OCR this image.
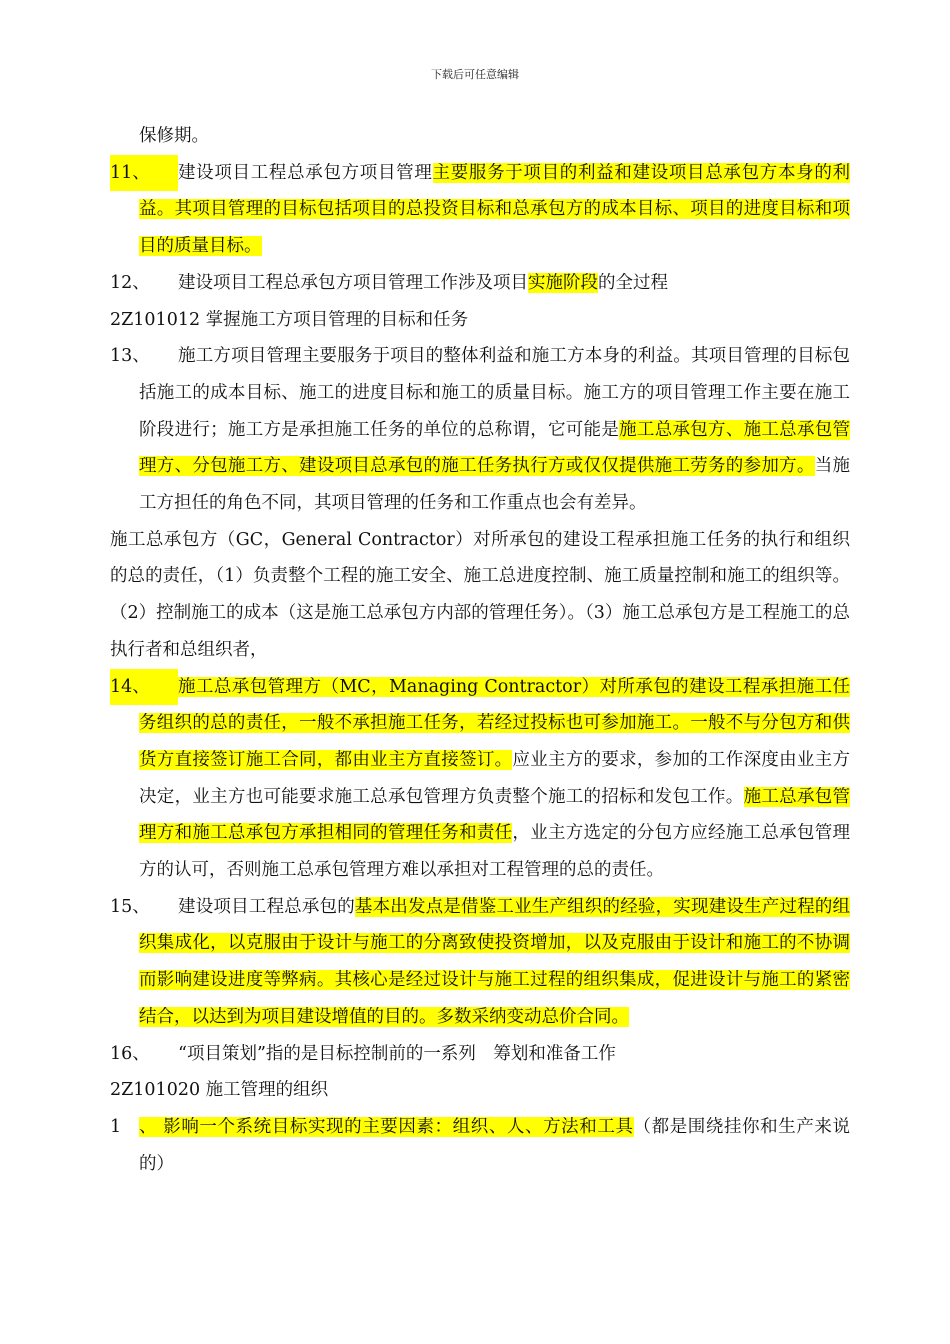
下载后可任意编辑
保修期。
11、	建设项目工程总承包方项目管理主要服务于项目的利益和建设项目总承包方本身的利益。其项目管理的目标包括项目的总投资目标和总承包方的成本目标、项目的进度目标和项目的质量目标。
12、	建设项目工程总承包方项目管理工作涉及项目实施阶段的全过程
2Z101012 掌握施工方项目管理的目标和任务
13、	施工方项目管理主要服务于项目的整体利益和施工方本身的利益。其项目管理的目标包括施工的成本目标、施工的进度目标和施工的质量目标。施工方的项目管理工作主要在施工阶段进行；施工方是承担施工任务的单位的总称谓，它可能是施工总承包方、施工总承包管理方、分包施工方、建设项目总承包的施工任务执行方或仅仅提供施工劳务的参加方。当施工方担任的角色不同，其项目管理的任务和工作重点也会有差异。
施工总承包方（GC，General Contractor）对所承包的建设工程承担施工任务的执行和组织的总的责任，（1）负责整个工程的施工安全、施工总进度控制、施工质量控制和施工的组织等。（2）控制施工的成本（这是施工总承包方内部的管理任务）。（3）施工总承包方是工程施工的总执行者和总组织者，
14、	施工总承包管理方（MC，Managing Contractor）对所承包的建设工程承担施工任务组织的总的责任，一般不承担施工任务，若经过投标也可参加施工。一般不与分包方和供货方直接签订施工合同，都由业主方直接签订。应业主方的要求，参加的工作深度由业主方决定，业主方也可能要求施工总承包管理方负责整个施工的招标和发包工作。施工总承包管理方和施工总承包方承担相同的管理任务和责任，业主方选定的分包方应经施工总承包管理方的认可，否则施工总承包管理方难以承担对工程管理的总的责任。
15、	建设项目工程总承包的基本出发点是借鉴工业生产组织的经验，实现建设生产过程的组织集成化，以克服由于设计与施工的分离致使投资增加，以及克服由于设计和施工的不协调而影响建设进度等弊病。其核心是经过设计与施工过程的组织集成，促进设计与施工的紧密结合，以达到为项目建设增值的目的。多数采纳变动总价合同。
16、	“项目策划”指的是目标控制前的一系列　筹划和准备工作
2Z101020 施工管理的组织
1 、 影响一个系统目标实现的主要因素：组织、人、方法和工具（都是围绕挂你和生产来说的）
